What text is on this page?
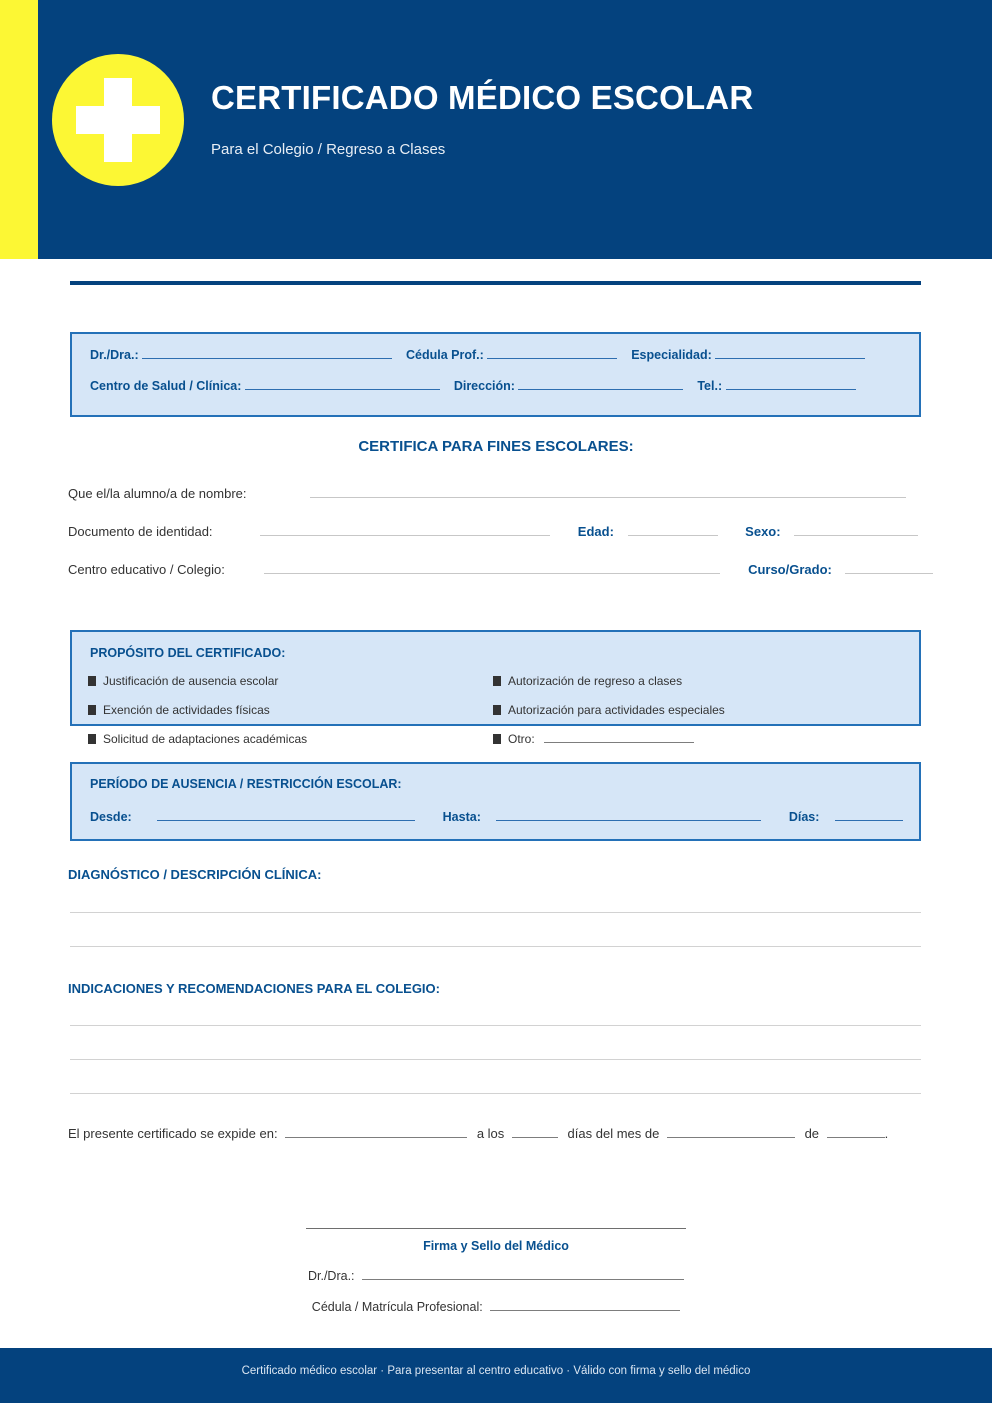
CERTIFICADO MÉDICO ESCOLAR
Para el Colegio / Regreso a Clases
Dr./Dra.:	Cédula Prof.:	Especialidad:
Centro de Salud / Clínica:	Dirección:	Tel.:
CERTIFICA PARA FINES ESCOLARES:
Que el/la alumno/a de nombre:
Documento de identidad:	Edad:	Sexo:
Centro educativo / Colegio:	Curso/Grado:
PROPÓSITO DEL CERTIFICADO:
Justificación de ausencia escolar	Autorización de regreso a clases
Exención de actividades físicas	Autorización para actividades especiales
Solicitud de adaptaciones académicas	Otro:
PERÍODO DE AUSENCIA / RESTRICCIÓN ESCOLAR:
Desde:	Hasta:	Días:
DIAGNÓSTICO / DESCRIPCIÓN CLÍNICA:
INDICACIONES Y RECOMENDACIONES PARA EL COLEGIO:
El presente certificado se expide en:	a los	días del mes de	de	.
Firma y Sello del Médico
Dr./Dra.:
Cédula / Matrícula Profesional:
Certificado médico escolar · Para presentar al centro educativo · Válido con firma y sello del médico
